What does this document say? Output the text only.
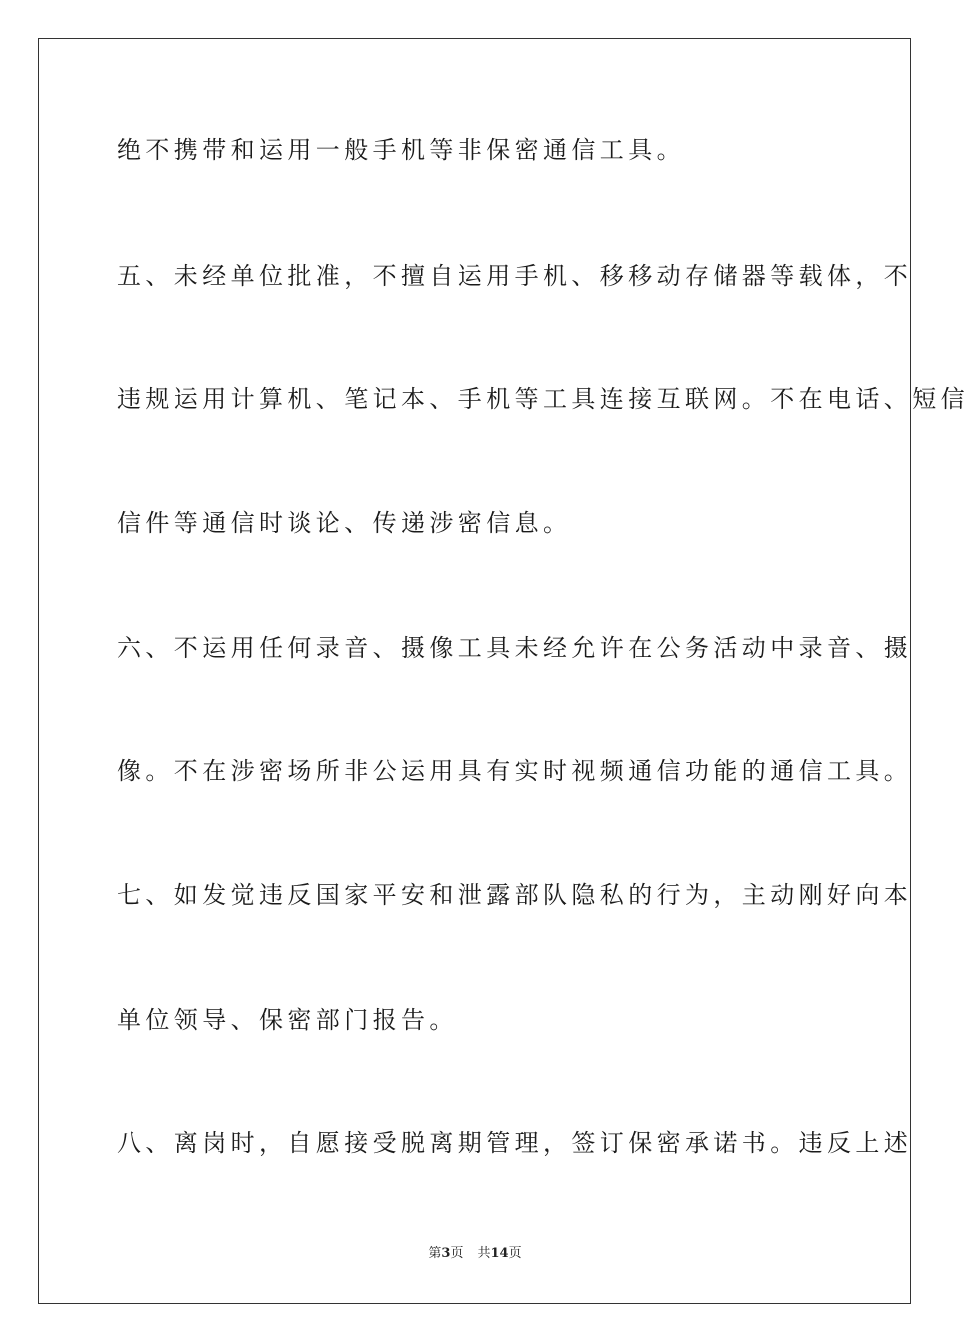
绝不携带和运用一般手机等非保密通信工具。
五、未经单位批准，不擅自运用手机、移移动存储器等载体，不
违规运用计算机、笔记本、手机等工具连接互联网。不在电话、短信
信件等通信时谈论、传递涉密信息。
六、不运用任何录音、摄像工具未经允许在公务活动中录音、摄
像。不在涉密场所非公运用具有实时视频通信功能的通信工具。
七、如发觉违反国家平安和泄露部队隐私的行为，主动刚好向本
单位领导、保密部门报告。
八、离岗时，自愿接受脱离期管理，签订保密承诺书。违反上述
第3页 共14页
